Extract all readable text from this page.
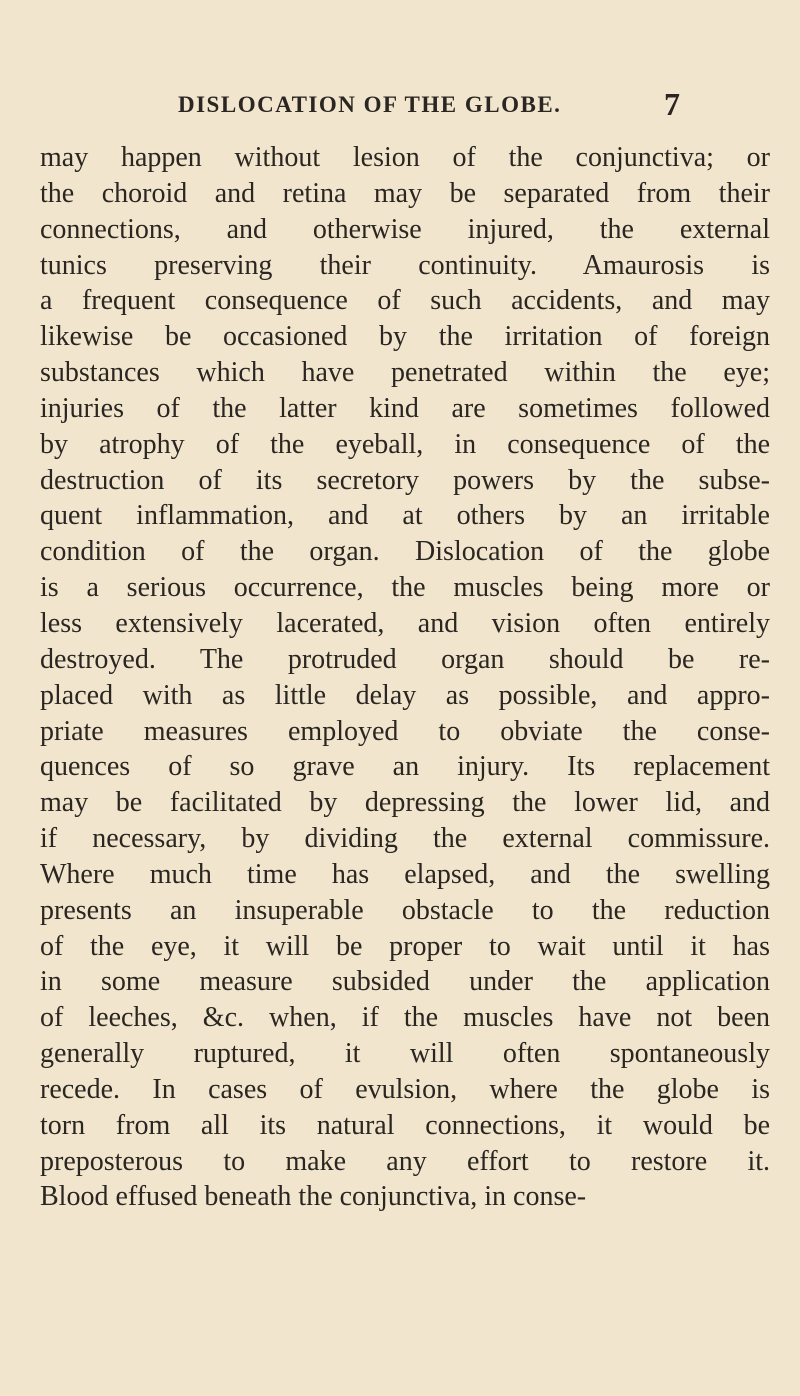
DISLOCATION OF THE GLOBE.	7
may happen without lesion of the conjunctiva; or
the choroid and retina may be separated from their
connections, and otherwise injured, the external
tunics preserving their continuity. Amaurosis is
a frequent consequence of such accidents, and may
likewise be occasioned by the irritation of foreign
substances which have penetrated within the eye;
injuries of the latter kind are sometimes followed
by atrophy of the eyeball, in consequence of the
destruction of its secretory powers by the subse-
quent inflammation, and at others by an irritable
condition of the organ. Dislocation of the globe
is a serious occurrence, the muscles being more or
less extensively lacerated, and vision often entirely
destroyed. The protruded organ should be re-
placed with as little delay as possible, and appro-
priate measures employed to obviate the conse-
quences of so grave an injury. Its replacement
may be facilitated by depressing the lower lid, and
if necessary, by dividing the external commissure.
Where much time has elapsed, and the swelling
presents an insuperable obstacle to the reduction
of the eye, it will be proper to wait until it has
in some measure subsided under the application
of leeches, &c. when, if the muscles have not been
generally ruptured, it will often spontaneously
recede. In cases of evulsion, where the globe is
torn from all its natural connections, it would be
preposterous to make any effort to restore it.
Blood effused beneath the conjunctiva, in conse-
